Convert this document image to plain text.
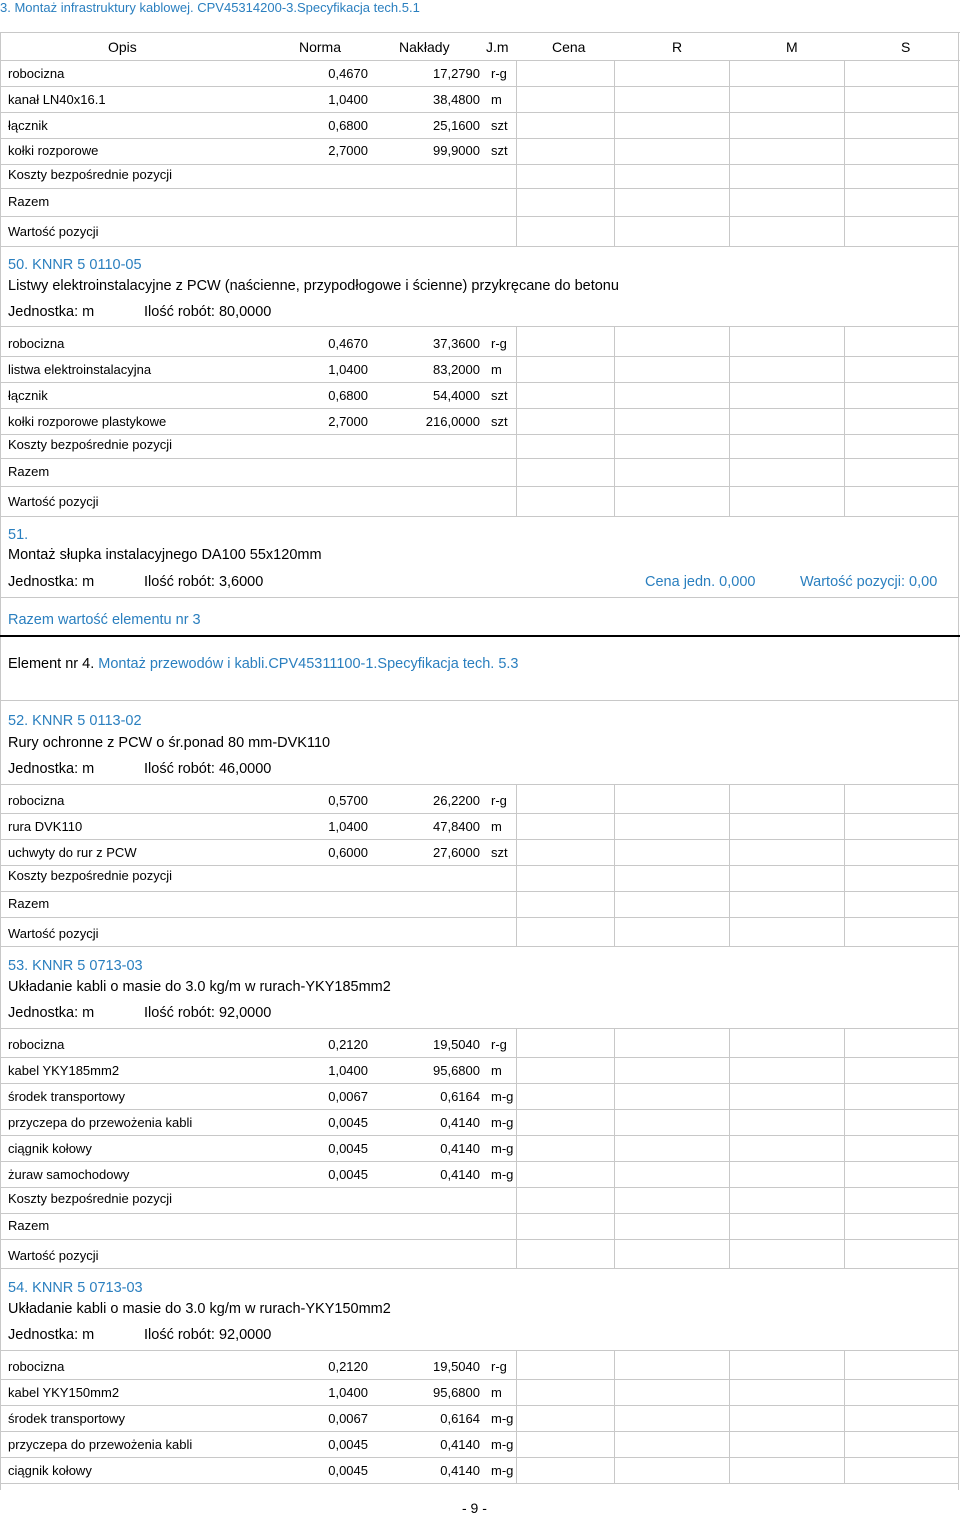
3. Montaż infrastruktury kablowej. CPV45314200-3.Specyfikacja tech.5.1
Opis	Norma	Nakłady	J.m	Cena	R	M	S
robocizna	0,4670	17,2790 r-g
kanał LN40x16.1	1,0400	38,4800 m
łącznik	0,6800	25,1600 szt
kołki rozporowe	2,7000	99,9000 szt
Koszty bezpośrednie pozycji
Razem
Wartość pozycji
robocizna	0,4670	37,3600 r-g
listwa elektroinstalacyjna	1,0400	83,2000 m
łącznik	0,6800	54,4000 szt
kołki rozporowe plastykowe	2,7000	216,0000 szt
Koszty bezpośrednie pozycji
Razem
Wartość pozycji
robocizna	0,5700	26,2200 r-g
rura DVK110	1,0400	47,8400 m
uchwyty do rur z PCW	0,6000	27,6000 szt
Koszty bezpośrednie pozycji
Razem
Wartość pozycji
robocizna	0,2120	19,5040 r-g
kabel YKY185mm2	1,0400	95,6800 m
środek transportowy	0,0067	0,6164 m-g
przyczepa do przewożenia kabli	0,0045	0,4140 m-g
ciągnik kołowy	0,0045	0,4140 m-g
żuraw samochodowy	0,0045	0,4140 m-g
Koszty bezpośrednie pozycji
Razem
Wartość pozycji
robocizna	0,2120	19,5040 r-g
kabel YKY150mm2	1,0400	95,6800 m
środek transportowy	0,0067	0,6164 m-g
przyczepa do przewożenia kabli	0,0045	0,4140 m-g
ciągnik kołowy	0,0045	0,4140 m-g
50. KNNR 5 0110-05
Listwy elektroinstalacyjne z PCW (naścienne, przypodłogowe i ścienne) przykręcane do betonu
Jednostka: m	Ilość robót: 80,0000
51.
Montaż słupka instalacyjnego DA100 55x120mm
Jednostka: m	Ilość robót: 3,6000	Cena jedn. 0,000	Wartość pozycji: 0,00
Razem wartość elementu nr 3
Element nr 4. Montaż przewodów i kabli.CPV45311100-1.Specyfikacja tech. 5.3
52. KNNR 5 0113-02
Rury ochronne z PCW o śr.ponad 80 mm-DVK110
Jednostka: m	Ilość robót: 46,0000
53. KNNR 5 0713-03
Układanie kabli o masie do 3.0 kg/m w rurach-YKY185mm2
Jednostka: m	Ilość robót: 92,0000
54. KNNR 5 0713-03
Układanie kabli o masie do 3.0 kg/m w rurach-YKY150mm2
Jednostka: m	Ilość robót: 92,0000
- 9 -
